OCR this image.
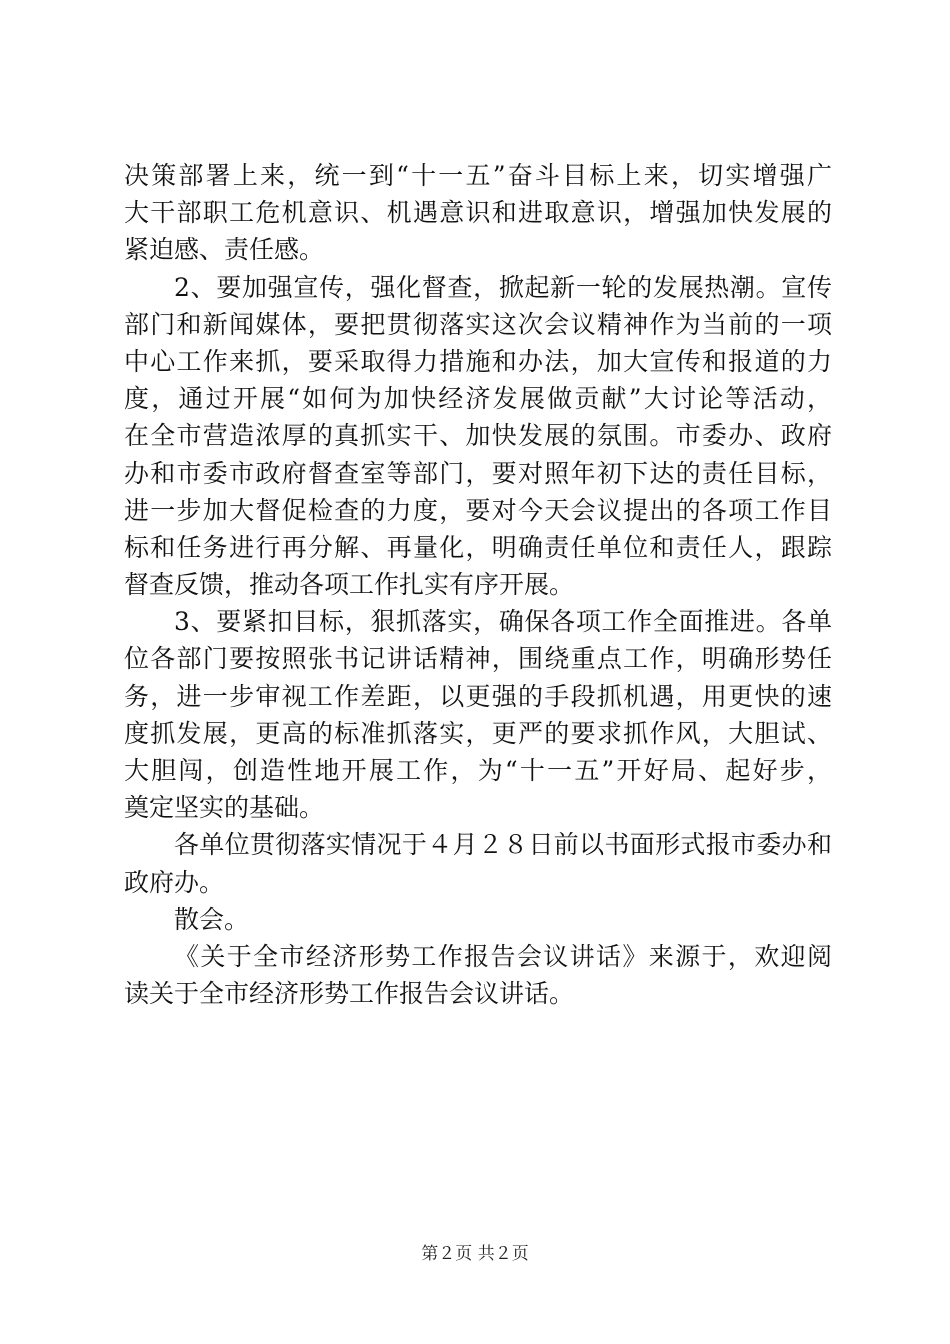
决策部署上来，统一到“十一五”奋斗目标上来，切实增强广
大干部职工危机意识、机遇意识和进取意识，增强加快发展的
紧迫感、责任感。
2、要加强宣传，强化督查，掀起新一轮的发展热潮。宣传
部门和新闻媒体，要把贯彻落实这次会议精神作为当前的一项
中心工作来抓，要采取得力措施和办法，加大宣传和报道的力
度，通过开展“如何为加快经济发展做贡献”大讨论等活动，
在全市营造浓厚的真抓实干、加快发展的氛围。市委办、政府
办和市委市政府督查室等部门，要对照年初下达的责任目标，
进一步加大督促检查的力度，要对今天会议提出的各项工作目
标和任务进行再分解、再量化，明确责任单位和责任人，跟踪
督查反馈，推动各项工作扎实有序开展。
3、要紧扣目标，狠抓落实，确保各项工作全面推进。各单
位各部门要按照张书记讲话精神，围绕重点工作，明确形势任
务，进一步审视工作差距，以更强的手段抓机遇，用更快的速
度抓发展，更高的标准抓落实，更严的要求抓作风，大胆试、
大胆闯，创造性地开展工作，为“十一五”开好局、起好步，
奠定坚实的基础。
各单位贯彻落实情况于４月２８日前以书面形式报市委办和
政府办。
散会。
《关于全市经济形势工作报告会议讲话》来源于，欢迎阅
读关于全市经济形势工作报告会议讲话。
第２页 共２页
